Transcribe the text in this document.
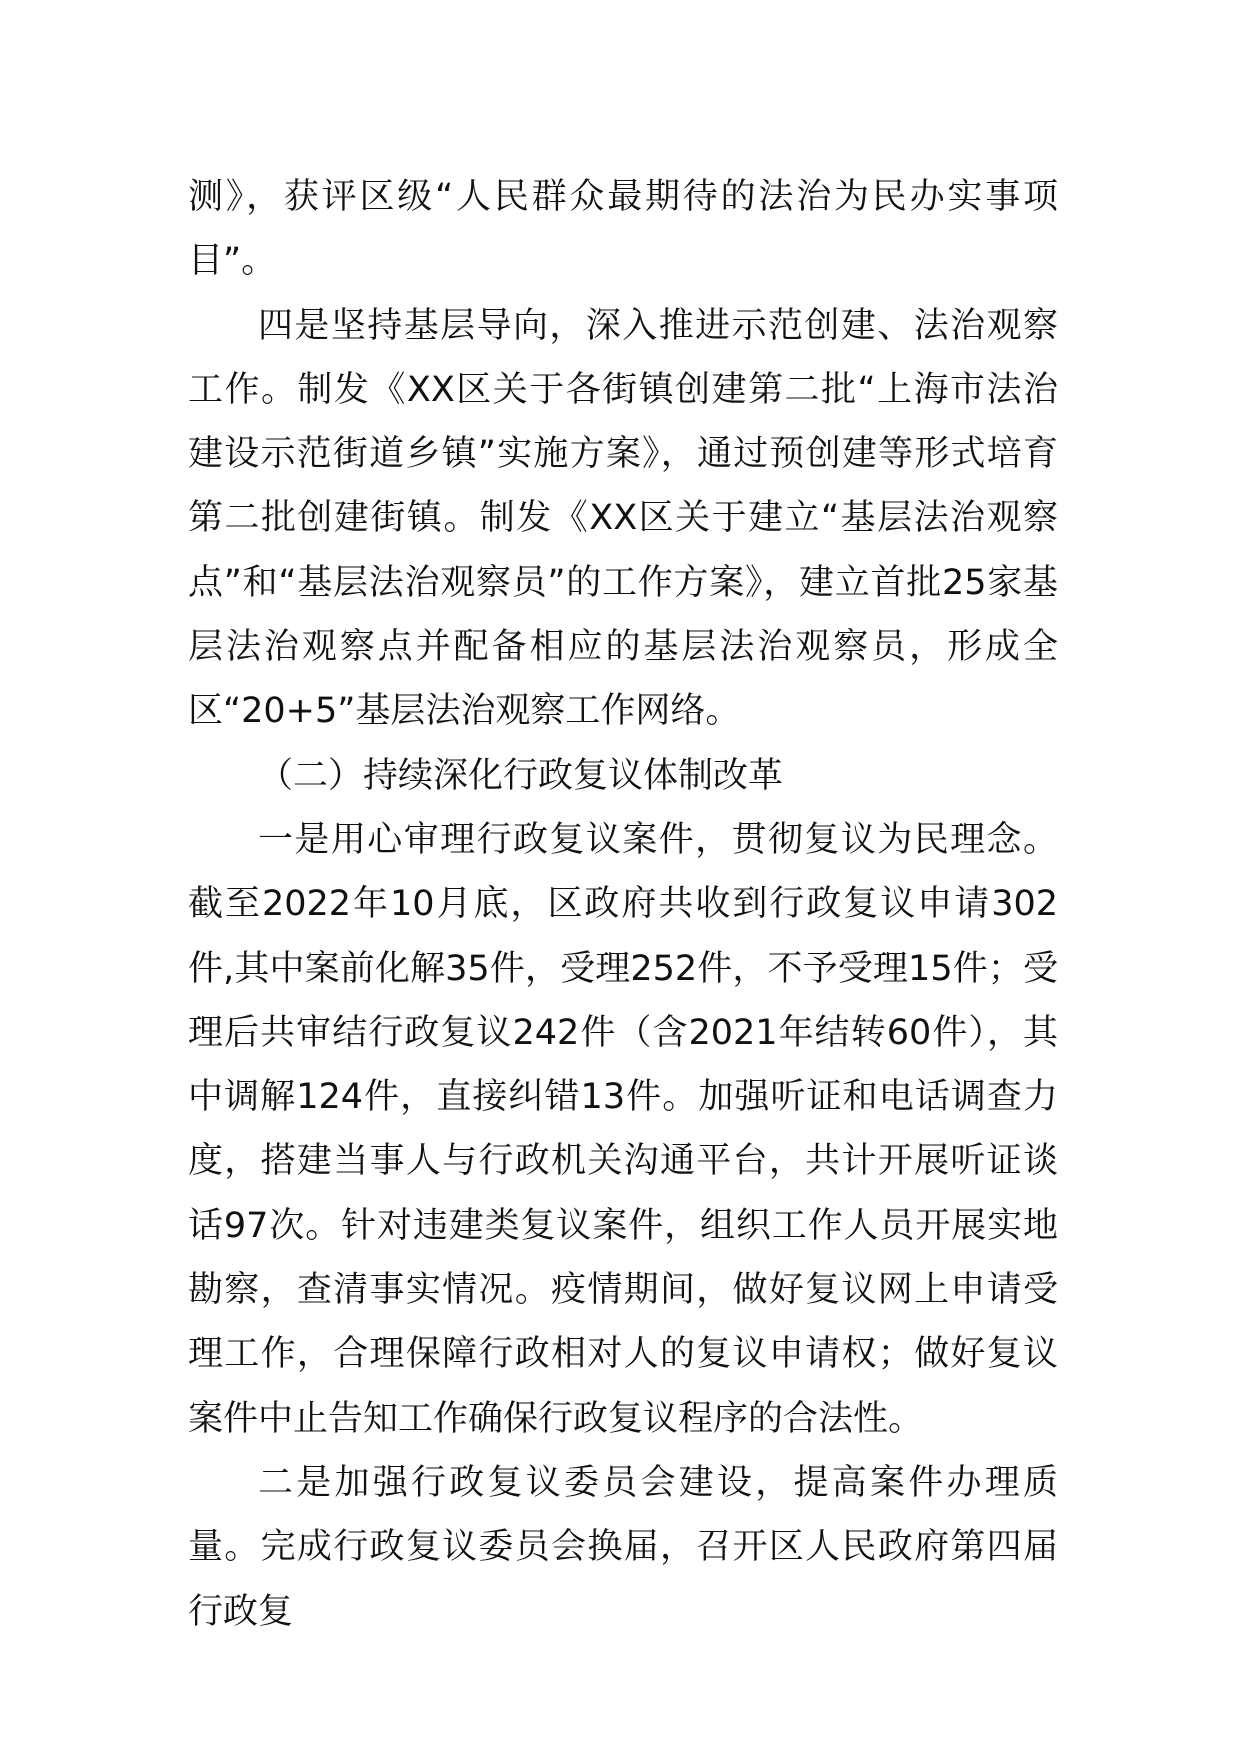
测》，获评区级“人民群众最期待的法治为民办实事项目”。

四是坚持基层导向，深入推进示范创建、法治观察工作。制发《XX区关于各街镇创建第二批“上海市法治建设示范街道乡镇”实施方案》，通过预创建等形式培育第二批创建街镇。制发《XX区关于建立“基层法治观察点”和“基层法治观察员”的工作方案》，建立首批25家基层法治观察点并配备相应的基层法治观察员，形成全区“20+5”基层法治观察工作网络。

（二）持续深化行政复议体制改革

一是用心审理行政复议案件，贯彻复议为民理念。截至2022年10月底，区政府共收到行政复议申请302件,其中案前化解35件，受理252件，不予受理15件；受理后共审结行政复议242件（含2021年结转60件），其中调解124件，直接纠错13件。加强听证和电话调查力度，搭建当事人与行政机关沟通平台，共计开展听证谈话97次。针对违建类复议案件，组织工作人员开展实地勘察，查清事实情况。疫情期间，做好复议网上申请受理工作，合理保障行政相对人的复议申请权；做好复议案件中止告知工作确保行政复议程序的合法性。

二是加强行政复议委员会建设，提高案件办理质量。完成行政复议委员会换届，召开区人民政府第四届行政复
